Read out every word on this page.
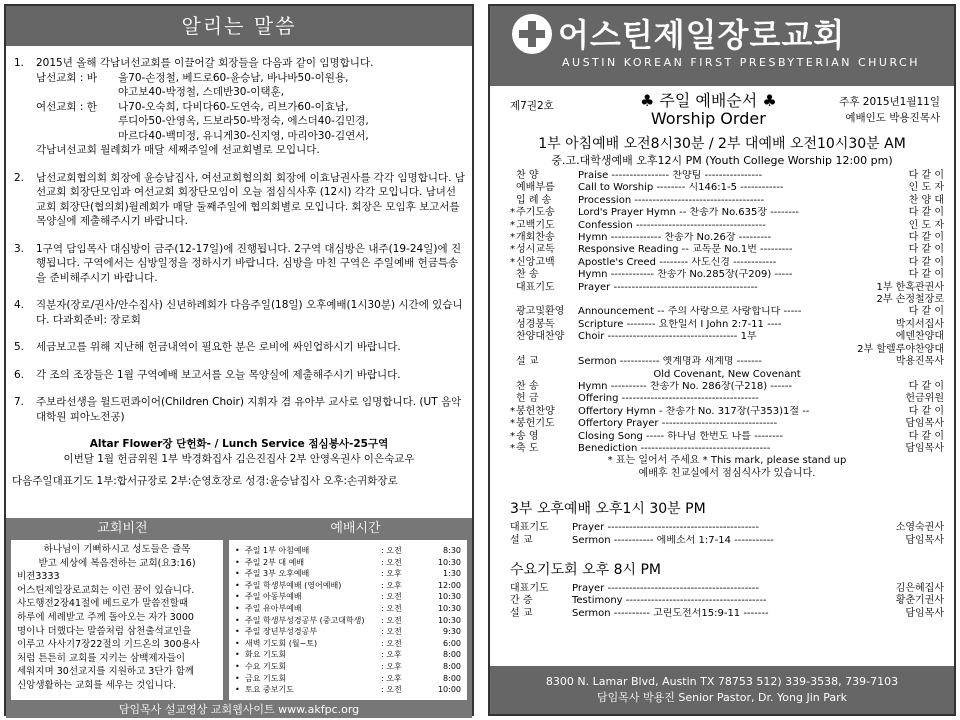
알리는 말씀
1.	2015년 올해 각남녀선교회를 이끌어갈 회장들을 다음과 같이 임명합니다.
남선교회 : 바	울70-손정철, 베드로60-윤승남, 바나바50-이원용,
야고보40-박정철, 스데반30-이택훈,
여선교회 : 한	나70-오숙희, 다비다60-도연숙, 리브가60-이효남,
루디아50-안영옥, 드보라50-박정숙, 에스더40-김민경,
마르다40-백미정, 유니게30-신지영, 마리아30-김연서,
각남녀선교회 월례회가 매달 세째주일에 선교회별로 모입니다.
2.	남선교회협의회 회장에 윤승남집사, 여선교회협의회 회장에 이효남권사를 각각 임명합니다. 남선교회 회장단모임과 여선교회 회장단모임이 오늘 점심식사후 (12시) 각각 모입니다. 남녀선교회 회장단(협의회)월례회가 매달 둘째주일에 협의회별로 모입니다. 회장은 모임후 보고서를 목양실에 제출해주시기 바랍니다.
3.	1구역 담임목사 대심방이 금주(12-17일)에 진행됩니다. 2구역 대심방은 내주(19-24일)에 진행됩니다. 구역에서는 심방일정을 정하시기 바랍니다. 심방을 마친 구역은 주일예배 헌금특송을 준비해주시기 바랍니다.
4.	직분자(장로/권사/안수집사) 신년하례회가 다음주일(18일) 오후예배(1시30분) 시간에 있습니다. 다과회준비: 장로회
5.	세금보고를 위해 지난해 헌금내역이 필요한 분은 로비에 싸인업하시기 바랍니다.
6.	각 조의 조장들은 1월 구역예배 보고서를 오늘 목양실에 제출해주시기 바랍니다.
7.	주보라선생을 윌드펀콰이어(Children Choir) 지휘자 겸 유아부 교사로 임명합니다. (UT 음악대학원 피아노전공)
Altar Flower장 단헌화- / Lunch Service 점심봉사-25구역
이번달 1월 헌금위원 1부 박경화집사 김은진집사 2부 안영옥권사 이은숙교우
다음주일대표기도 1부:합서규장로 2부:순영호장로 성경:윤승남집사 오후:손귀화장로
교회비전	예배시간
하나님이 기뻐하시고 성도들은 즐목
받고 세상에 복음전하는 교회(요3:16)
비젼3333
어스틴제일장로교회는 이런 꿈이 있습니다.
사도행전2장41절에 베드로가 말씀전할때
하루에 세례받고 주께 돌아오는 자가 3000
명이나 더했다는 말씀처럼 삼천출석교인을
이루고 사사기7장22절의 기드온의 300용사
처럼 튼튼히 교회를 지키는 삼백제자들이
세워지며 30선교지를 지원하고 3단가 함께
신앙생활하는 교회를 세우는 것입니다.
• 주일 1부 아침예배	: 오전	8:30
• 주일 2부 대 예배	: 오전	10:30
• 주일 3부 오후예배	: 오후	1:30
• 주일 학생부예배 (영어예배)	: 오후	12:00
• 주일 아동부예배	: 오전	10:30
• 주일 유아부예배	: 오전	10:30
• 주일 학생부성경공부 (중고대학생)	: 오전	10:30
• 주일 장년부성경공부	: 오전	9:30
• 새벽 기도회 (월~토)	: 오전	6:00
• 화요 기도회	: 오후	8:00
• 수요 기도회	: 오후	8:00
• 금요 기도회	: 오후	8:00
• 토요 중보기도	: 오전	10:00
담임목사 설교영상 교회웹사이트 www.akfpc.org
어스틴제일장로교회
AUSTIN KOREAN FIRST PRESBYTERIAN CHURCH
제7권2호	♣ 주일 예배순서 ♣
Worship Order
주후 2015년1월11일
예배인도 박용진목사
1부 아침예배 오전8시30분 / 2부 대예배 오전10시30분 AM
중.고.대학생예배 오후12시 PM (Youth College Worship 12:00 pm)
찬 양	Praise ---------------- 찬양팀 ----------------	다 같 이
예배부름	Call to Worship -------- 시146:1-5 ------------	인 도 자
입 례 송	Procession ------------------------------------	찬 양 대
* 주기도송	Lord's Prayer Hymn -- 찬송가 No.635장 --------	다 같 이
* 고백기도	Confession ------------------------------------	인 도 자
* 개회찬송	Hymn -------------- 찬송가 No.26장 ---------	다 같 이
* 성시교독	Responsive Reading -- 교독문 No.1번 ---------	다 같 이
* 신앙고백	Apostle's Creed -------- 사도신경 ------------	다 같 이
찬 송	Hymn ------------ 찬송가 No.285장(구209) -----	다 같 이
대표기도	Prayer ----------------------------------------	1부 한혹관권사
2부 손정철장로
광고및환영	Announcement -- 주의 사랑으로 사랑합니다 -----	다 같 이
성경봉독	Scripture -------- 요한일서 I John 2:7-11 ----	박지서집사
찬양대찬양	Choir ------------------------------------ 1부	에덴찬양대
2부 할렐루야찬양대
설 교	Sermon ----------- 옛계명과 새계명 -------	박용진목사
Old Covenant, New Covenant
찬 송	Hymn ---------- 찬송가 No. 286장(구218) ------	다 같 이
헌 금	Offering --------------------------------------	헌금위원
* 봉헌찬양	Offertory Hymn - 찬송가 No. 317장(구353)1절 --	다 같 이
* 봉헌기도	Offertory Prayer --------------------------------	담임목사
* 송 영	Closing Song ----- 하나님 한번도 나를 --------	다 같 이
* 축 도	Benediction ------------------------------------	담임목사
* 표는 일어서 주세요 * This mark, please stand up
예배후 친교실에서 점심식사가 있습니다.
3부 오후예배 오후1시 30분 PM
대표기도	Prayer ------------------------------------------	소영숙권사
설 교	Sermon ----------- 에베소서 1:7-14 -----------	담임목사
수요기도회 오후 8시 PM
대표기도	Prayer ------------------------------------------	김은혜집사
간 증	Testimony ---------------------------------------	황춘기권사
설 교	Sermon ---------- 고린도전서15:9-11 -------	담임목사
8300 N. Lamar Blvd, Austin TX 78753 512) 339-3538, 739-7103
담임목사 박용진 Senior Pastor, Dr. Yong Jin Park
